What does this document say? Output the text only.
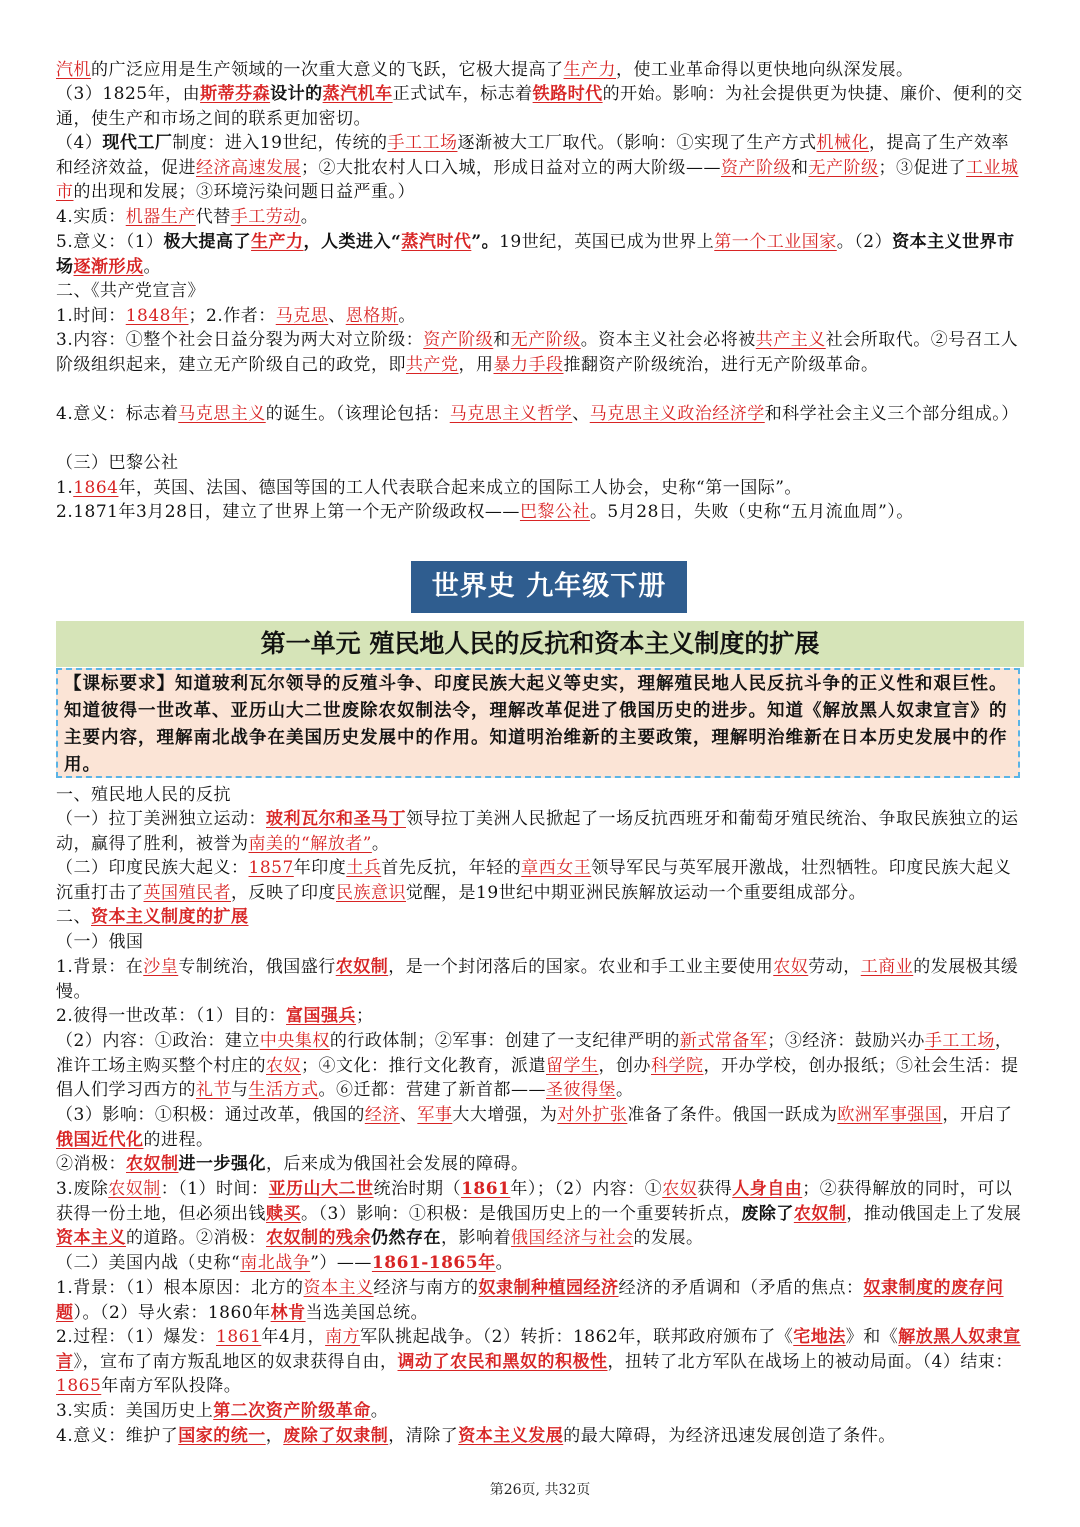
汽机的广泛应用是生产领域的一次重大意义的飞跃，它极大提高了生产力，使工业革命得以更快地向纵深发展。
（3）1825年，由斯蒂芬森设计的蒸汽机车正式试车，标志着铁路时代的开始。影响：为社会提供更为快捷、廉价、便利的交通，使生产和市场之间的联系更加密切。
（4）现代工厂制度：进入19世纪，传统的手工工场逐渐被大工厂取代。（影响：①实现了生产方式机械化，提高了生产效率和经济效益，促进经济高速发展；②大批农村人口入城，形成日益对立的两大阶级——资产阶级和无产阶级；③促进了工业城市的出现和发展；③环境污染问题日益严重。）
4.实质：机器生产代替手工劳动。
5.意义：（1）极大提高了生产力，人类进入“蒸汽时代”。19世纪，英国已成为世界上第一个工业国家。（2）资本主义世界市场逐渐形成。
二、《共产党宣言》
1.时间：1848年；2.作者：马克思、恩格斯。
3.内容：①整个社会日益分裂为两大对立阶级：资产阶级和无产阶级。资本主义社会必将被共产主义社会所取代。②号召工人阶级组织起来，建立无产阶级自己的政党，即共产党，用暴力手段推翻资产阶级统治，进行无产阶级革命。
4.意义：标志着马克思主义的诞生。（该理论包括：马克思主义哲学、马克思主义政治经济学和科学社会主义三个部分组成。）
（三）巴黎公社
1.1864年，英国、法国、德国等国的工人代表联合起来成立的国际工人协会，史称“第一国际”。
2.1871年3月28日，建立了世界上第一个无产阶级政权——巴黎公社。5月28日，失败（史称“五月流血周”）。
世界史 九年级下册
第一单元 殖民地人民的反抗和资本主义制度的扩展
【课标要求】知道玻利瓦尔领导的反殖斗争、印度民族大起义等史实，理解殖民地人民反抗斗争的正义性和艰巨性。知道彼得一世改革、亚历山大二世废除农奴制法令，理解改革促进了俄国历史的进步。知道《解放黑人奴隶宣言》的主要内容，理解南北战争在美国历史发展中的作用。知道明治维新的主要政策，理解明治维新在日本历史发展中的作用。
一、殖民地人民的反抗
（一）拉丁美洲独立运动：玻利瓦尔和圣马丁领导拉丁美洲人民掀起了一场反抗西班牙和葡萄牙殖民统治、争取民族独立的运动，赢得了胜利，被誉为南美的“解放者”。
（二）印度民族大起义：1857年印度土兵首先反抗，年轻的章西女王领导军民与英军展开激战，壮烈牺牲。印度民族大起义沉重打击了英国殖民者，反映了印度民族意识觉醒，是19世纪中期亚洲民族解放运动一个重要组成部分。
二、资本主义制度的扩展
（一）俄国
1.背景：在沙皇专制统治，俄国盛行农奴制，是一个封闭落后的国家。农业和手工业主要使用农奴劳动，工商业的发展极其缓慢。
2.彼得一世改革：（1）目的：富国强兵；
（2）内容：①政治：建立中央集权的行政体制；②军事：创建了一支纪律严明的新式常备军；③经济：鼓励兴办手工工场，准许工场主购买整个村庄的农奴；④文化：推行文化教育，派遣留学生，创办科学院，开办学校，创办报纸；⑤社会生活：提倡人们学习西方的礼节与生活方式。⑥迁都：营建了新首都——圣彼得堡。
（3）影响：①积极：通过改革，俄国的经济、军事大大增强，为对外扩张准备了条件。俄国一跃成为欧洲军事强国，开启了俄国近代化的进程。
②消极：农奴制进一步强化，后来成为俄国社会发展的障碍。
3.废除农奴制：（1）时间：亚历山大二世统治时期（1861年）；（2）内容：①农奴获得人身自由；②获得解放的同时，可以获得一份土地，但必须出钱赎买。（3）影响：①积极：是俄国历史上的一个重要转折点，废除了农奴制，推动俄国走上了发展资本主义的道路。②消极：农奴制的残余仍然存在，影响着俄国经济与社会的发展。
（二）美国内战（史称“南北战争”）——1861-1865年。
1.背景：（1）根本原因：北方的资本主义经济与南方的奴隶制种植园经济经济的矛盾调和（矛盾的焦点：奴隶制度的废存问题）。（2）导火索：1860年林肯当选美国总统。
2.过程：（1）爆发：1861年4月，南方军队挑起战争。（2）转折：1862年，联邦政府颁布了《宅地法》和《解放黑人奴隶宣言》，宣布了南方叛乱地区的奴隶获得自由，调动了农民和黑奴的积极性，扭转了北方军队在战场上的被动局面。（4）结束：1865年南方军队投降。
3.实质：美国历史上第二次资产阶级革命。
4.意义：维护了国家的统一，废除了奴隶制，清除了资本主义发展的最大障碍，为经济迅速发展创造了条件。
第26页, 共32页
